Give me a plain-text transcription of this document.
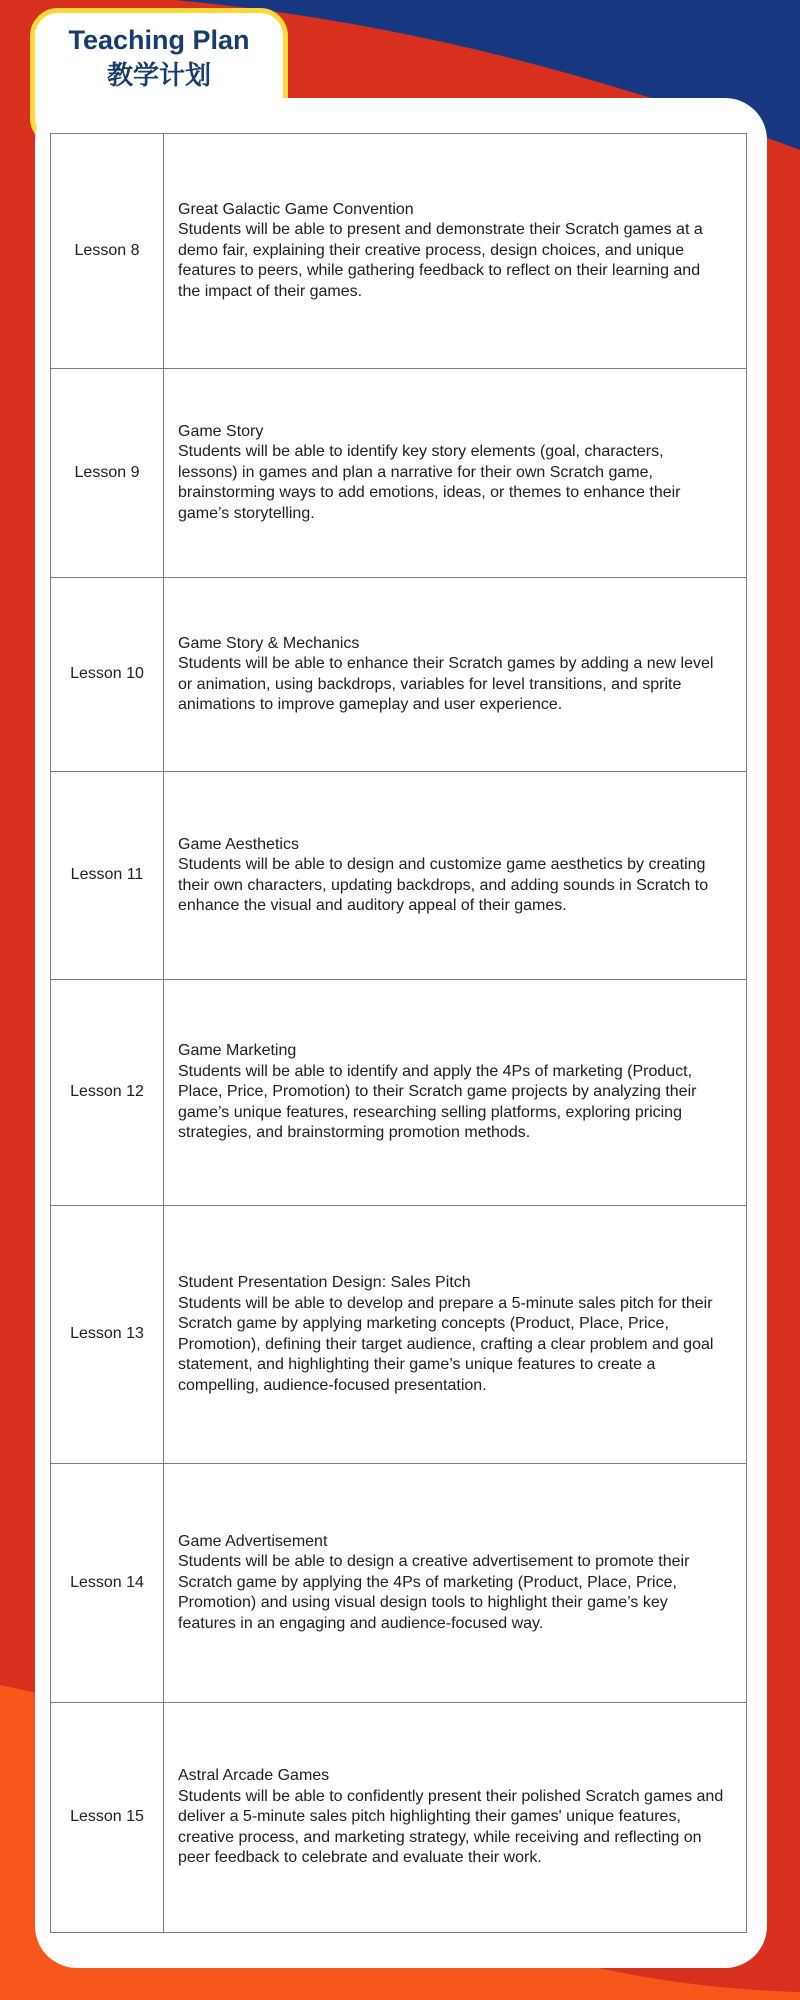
Teaching Plan
教学计划
Lesson 8	Great Galactic Game Convention
Students will be able to present and demonstrate their Scratch games at a demo fair, explaining their creative process, design choices, and unique features to peers, while gathering feedback to reflect on their learning and the impact of their games.

Lesson 9	Game Story
Students will be able to identify key story elements (goal, characters, lessons) in games and plan a narrative for their own Scratch game, brainstorming ways to add emotions, ideas, or themes to enhance their game’s storytelling.

Lesson 10	Game Story & Mechanics
Students will be able to enhance their Scratch games by adding a new level or animation, using backdrops, variables for level transitions, and sprite animations to improve gameplay and user experience.

Lesson 11	Game Aesthetics
Students will be able to design and customize game aesthetics by creating their own characters, updating backdrops, and adding sounds in Scratch to enhance the visual and auditory appeal of their games.

Lesson 12	Game Marketing
Students will be able to identify and apply the 4Ps of marketing (Product, Place, Price, Promotion) to their Scratch game projects by analyzing their game’s unique features, researching selling platforms, exploring pricing strategies, and brainstorming promotion methods.

Lesson 13	Student Presentation Design: Sales Pitch
Students will be able to develop and prepare a 5-minute sales pitch for their Scratch game by applying marketing concepts (Product, Place, Price, Promotion), defining their target audience, crafting a clear problem and goal statement, and highlighting their game’s unique features to create a compelling, audience-focused presentation.

Lesson 14	Game Advertisement
Students will be able to design a creative advertisement to promote their Scratch game by applying the 4Ps of marketing (Product, Place, Price, Promotion) and using visual design tools to highlight their game’s key features in an engaging and audience-focused way.

Lesson 15	Astral Arcade Games
Students will be able to confidently present their polished Scratch games and deliver a 5-minute sales pitch highlighting their games' unique features, creative process, and marketing strategy, while receiving and reflecting on peer feedback to celebrate and evaluate their work.
